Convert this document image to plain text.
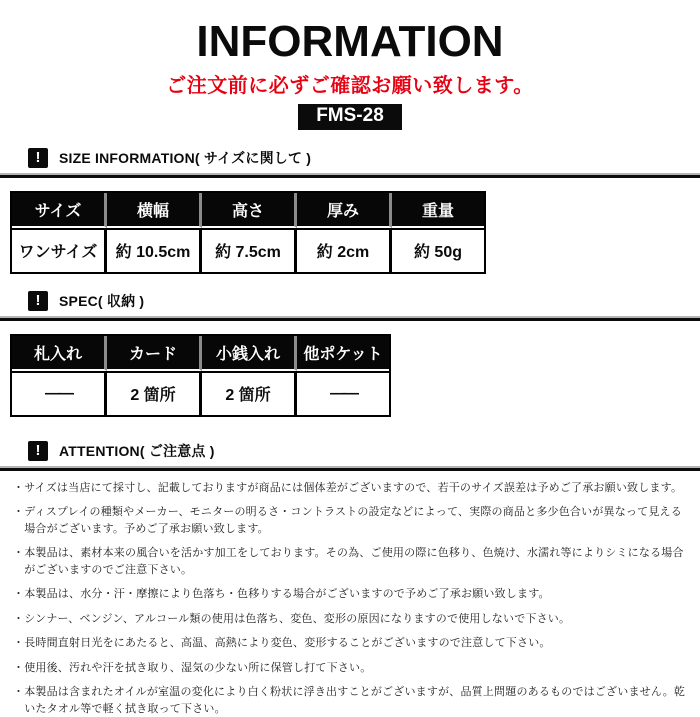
INFORMATION
ご注文前に必ずご確認お願い致します。
FMS-28
!	SIZE INFORMATION( サイズに関して )
サイズ	横幅	高さ	厚み	重量
ワンサイズ	約 10.5cm	約 7.5cm	約 2cm	約 50g
!	SPEC( 収納 )
札入れ	カード	小銭入れ	他ポケット
――	2 箇所	2 箇所	――
!	ATTENTION( ご注意点 )
・ サイズは当店にて採寸し、記載しておりますが商品には個体差がございますので、若干のサイズ誤差は予めご了承お願い致します。
・ ディスプレイの種類やメーカー、モニターの明るさ・コントラストの設定などによって、実際の商品と多少色合いが異なって見える場合がございます。予めご了承お願い致します。
・ 本製品は、素材本来の風合いを活かす加工をしております。その為、ご使用の際に色移り、色焼け、水濡れ等によりシミになる場合がございますのでご注意下さい。
・ 本製品は、水分・汗・摩擦により色落ち・色移りする場合がございますので予めご了承お願い致します。
・ シンナー、ベンジン、アルコール類の使用は色落ち、変色、変形の原因になりますので使用しないで下さい。
・ 長時間直射日光をにあたると、高温、高熱により変色、変形することがございますので注意して下さい。
・ 使用後、汚れや汗を拭き取り、湿気の少ない所に保管し打て下さい。
・ 本製品は含まれたオイルが室温の変化により白く粉状に浮き出すことがございますが、品質上問題のあるものではございません。乾いたタオル等で軽く拭き取って下さい。
